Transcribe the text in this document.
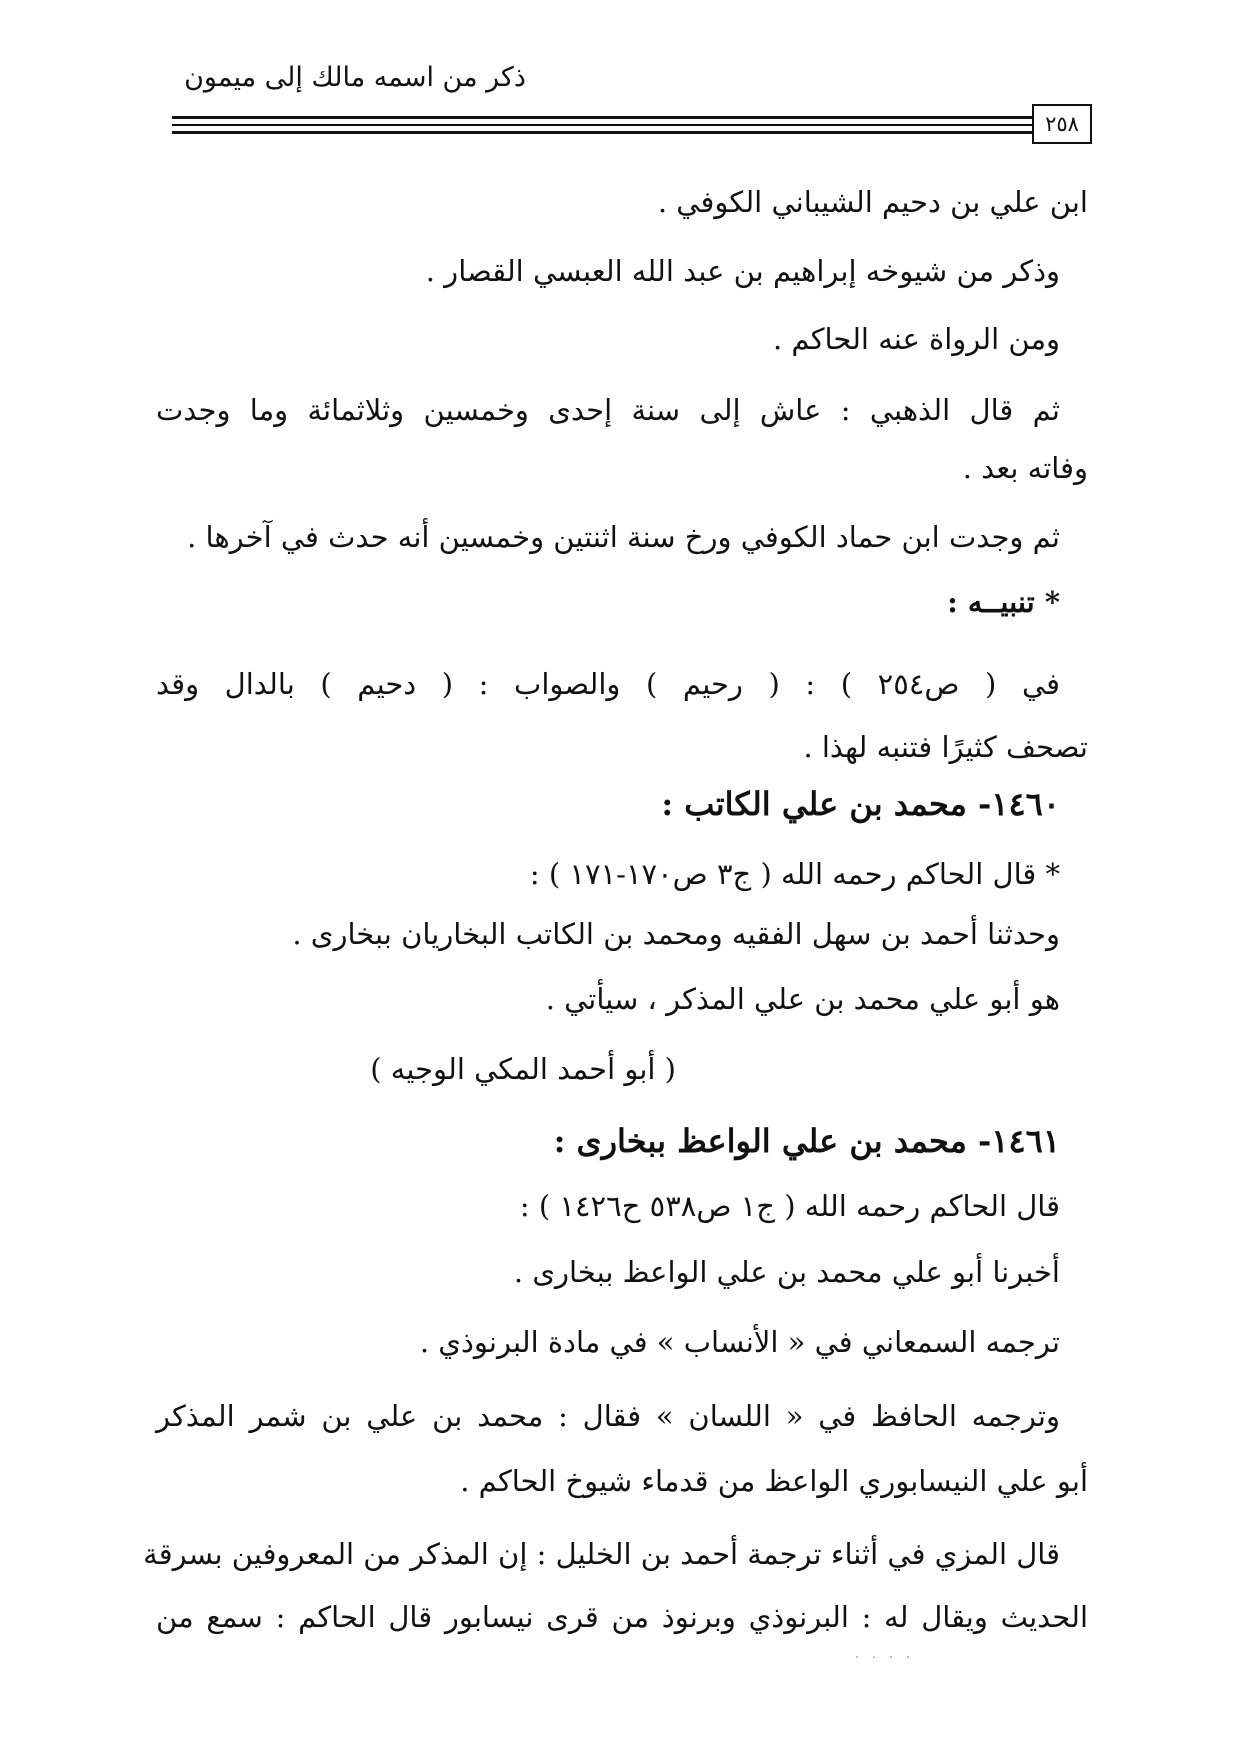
ذكر من اسمه مالك إلى ميمون
٢٥٨
ابن علي بن دحيم الشيباني الكوفي .
وذكر من شيوخه إبراهيم بن عبد الله العبسي القصار .
ومن الرواة عنه الحاكم .
ثم قال الذهبي : عاش إلى سنة إحدى وخمسين وثلاثمائة وما وجدت
وفاته بعد .
ثم وجدت ابن حماد الكوفي ورخ سنة اثنتين وخمسين أنه حدث في آخرها .
* تنبيــه :
في ( ص٢٥٤ ) : ( رحيم ) والصواب : ( دحيم ) بالدال وقد
تصحف كثيرًا فتنبه لهذا .
١٤٦٠- محمد بن علي الكاتب :
* قال الحاكم رحمه الله ( ج٣ ص١٧٠-١٧١ ) :
وحدثنا أحمد بن سهل الفقيه ومحمد بن الكاتب البخاريان ببخارى .
هو أبو علي محمد بن علي المذكر ، سيأتي .
( أبو أحمد المكي الوجيه )
١٤٦١- محمد بن علي الواعظ ببخارى :
قال الحاكم رحمه الله ( ج١ ص٥٣٨ ح١٤٢٦ ) :
أخبرنا أبو علي محمد بن علي الواعظ ببخارى .
ترجمه السمعاني في « الأنساب » في مادة البرنوذي .
وترجمه الحافظ في « اللسان » فقال : محمد بن علي بن شمر المذكر
أبو علي النيسابوري الواعظ من قدماء شيوخ الحاكم .
قال المزي في أثناء ترجمة أحمد بن الخليل : إن المذكر من المعروفين بسرقة
الحديث ويقال له : البرنوذي وبرنوذ من قرى نيسابور قال الحاكم : سمع من
· · · ·
